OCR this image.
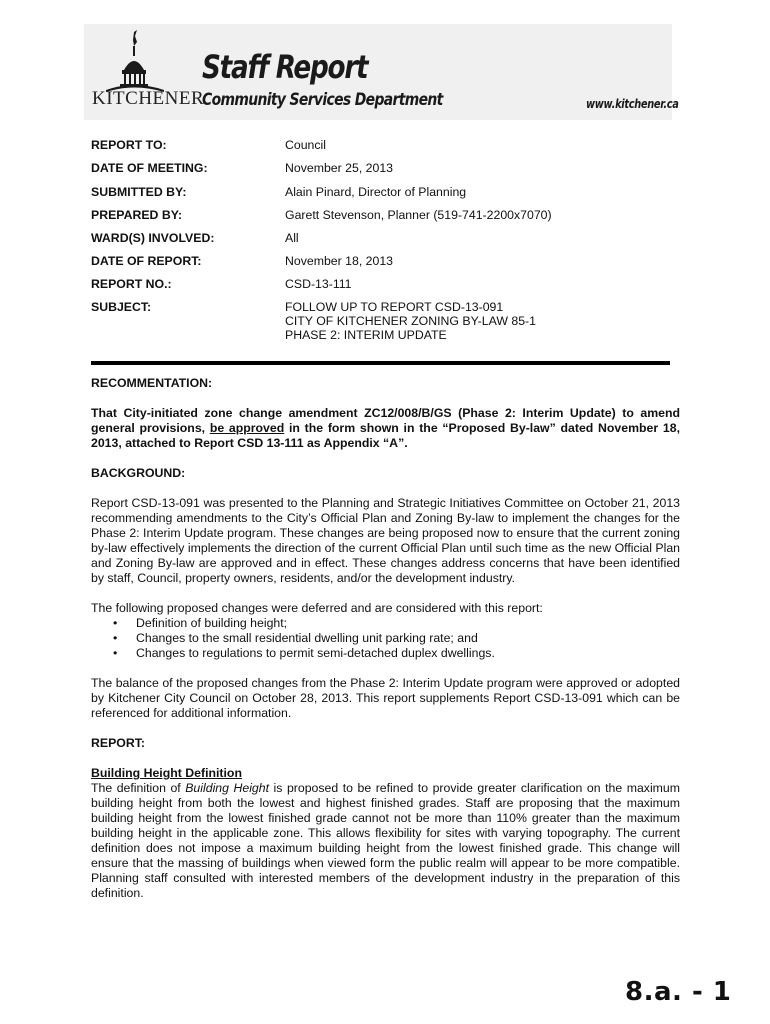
KITCHENER
Staff Report
Community Services Department	www.kitchener.ca
REPORT TO:	Council
DATE OF MEETING:	November 25, 2013
SUBMITTED BY:	Alain Pinard, Director of Planning
PREPARED BY:	Garett Stevenson, Planner (519-741-2200x7070)
WARD(S) INVOLVED:	All
DATE OF REPORT:	November 18, 2013
REPORT NO.:	CSD-13-111
SUBJECT:	FOLLOW UP TO REPORT CSD-13-091
CITY OF KITCHENER ZONING BY-LAW 85-1
PHASE 2: INTERIM UPDATE

RECOMMENTATION:

That City-initiated zone change amendment ZC12/008/B/GS (Phase 2: Interim Update) to amend general provisions, be approved in the form shown in the “Proposed By-law” dated November 18, 2013, attached to Report CSD 13-111 as Appendix “A”.

BACKGROUND:

Report CSD-13-091 was presented to the Planning and Strategic Initiatives Committee on October 21, 2013 recommending amendments to the City’s Official Plan and Zoning By-law to implement the changes for the Phase 2: Interim Update program. These changes are being proposed now to ensure that the current zoning by-law effectively implements the direction of the current Official Plan until such time as the new Official Plan and Zoning By-law are approved and in effect. These changes address concerns that have been identified by staff, Council, property owners, residents, and/or the development industry.

The following proposed changes were deferred and are considered with this report:

• Definition of building height;
• Changes to the small residential dwelling unit parking rate; and
• Changes to regulations to permit semi-detached duplex dwellings.

The balance of the proposed changes from the Phase 2: Interim Update program were approved or adopted by Kitchener City Council on October 28, 2013. This report supplements Report CSD-13-091 which can be referenced for additional information.

REPORT:

Building Height Definition

The definition of Building Height is proposed to be refined to provide greater clarification on the maximum building height from both the lowest and highest finished grades. Staff are proposing that the maximum building height from the lowest finished grade cannot not be more than 110% greater than the maximum building height in the applicable zone. This allows flexibility for sites with varying topography. The current definition does not impose a maximum building height from the lowest finished grade. This change will ensure that the massing of buildings when viewed form the public realm will appear to be more compatible. Planning staff consulted with interested members of the development industry in the preparation of this definition.

8.a. - 1
